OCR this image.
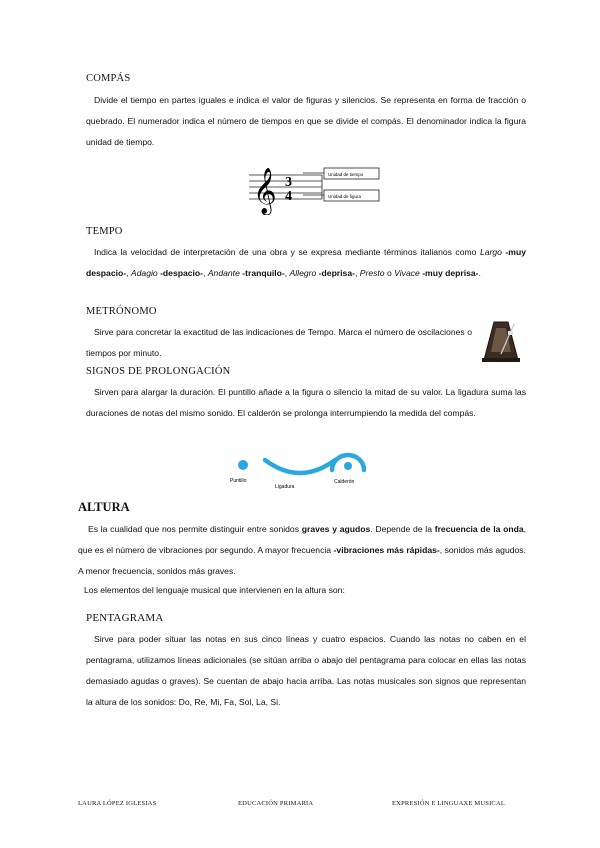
COMPÁS
Divide el tiempo en partes iguales e indica el valor de figuras y silencios. Se representa en forma de fracción o quebrado. El numerador indica el número de tiempos en que se divide el compás. El denominador indica la figura unidad de tiempo.
𝄞 3
4
Unidad de tiempo
Unidad de figura
TEMPO
Indica la velocidad de interpretación de una obra y se expresa mediante términos italianos como Largo -muy despacio-, Adagio -despacio-, Andante -tranquilo-, Allegro -deprisa-, Presto o Vivace -muy deprisa-.
METRÓNOMO
Sirve para concretar la exactitud de las indicaciones de Tempo. Marca el número de oscilaciones o tiempos por minuto.
SIGNOS DE PROLONGACIÓN
Sirven para alargar la duración. El puntillo añade a la figura o silencio la mitad de su valor. La ligadura suma las duraciones de notas del mismo sonido. El calderón se prolonga interrumpiendo la medida del compás.
Puntillo
Ligadura
Calderón
ALTURA
Es la cualidad que nos permite distinguir entre sonidos graves y agudos. Depende de la frecuencia de la onda, que es el número de vibraciones por segundo. A mayor frecuencia -vibraciones más rápidas-, sonidos más agudos. A menor frecuencia, sonidos más graves.
Los elementos del lenguaje musical que intervienen en la altura son:
PENTAGRAMA
Sirve para poder situar las notas en sus cinco líneas y cuatro espacios. Cuando las notas no caben en el pentagrama, utilizamos líneas adicionales (se sitúan arriba o abajo del pentagrama para colocar en ellas las notas demasiado agudas o graves). Se cuentan de abajo hacia arriba. Las notas musicales son signos que representan la altura de los sonidos: Do, Re, Mi, Fa, Sol, La, Si.
LAURA LÓPEZ IGLESIAS	EDUCACIÓN PRIMARIA	EXPRESIÓN E LINGUAXE MUSICAL
